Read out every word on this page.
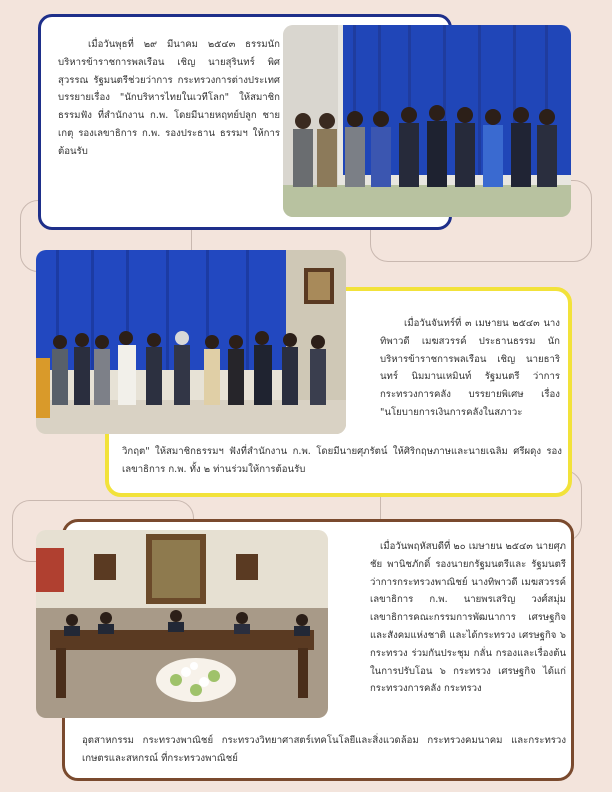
เมื่อวันพุธที่ ๒๙ มีนาคม ๒๕๔๓ ธรรมนักบริหารข้าราชการพลเรือน เชิญ นายสุรินทร์ พิศสุวรรณ รัฐมนตรีช่วยว่าการ กระทรวงการต่างประเทศ บรรยายเรื่อง "นักบริหารไทยในเวทีโลก" ให้สมาชิก ธรรมฟัง ที่สำนักงาน ก.พ. โดยมีนายหฤทย์ปลูก ชายเกตุ รองเลขาธิการ ก.พ. รองประธาน ธรรมฯ ให้การต้อนรับ
เมื่อวันจันทร์ที่ ๓ เมษายน ๒๕๔๓ นางทิพาวดี เมฆสวรรค์ ประธานธรรม นักบริหารข้าราชการพลเรือน เชิญ นายธารินทร์ นิมมานเหมินท์ รัฐมนตรี ว่าการกระทรวงการคลัง บรรยายพิเศษ เรื่อง "นโยบายการเงินการคลังในสภาวะ
วิกฤต" ให้สมาชิกธรรมฯ ฟังที่สำนักงาน ก.พ. โดยมีนายศุภรัตน์ ให้ศิริกฤษภาษและนายเฉลิม ศรีผดุง รองเลขาธิการ ก.พ. ทั้ง ๒ ท่านร่วมให้การต้อนรับ
เมื่อวันพฤหัสบดีที่ ๒๐ เมษายน ๒๕๔๓ นายศุภชัย พานิชภักดิ์ รองนายกรัฐมนตรีและ รัฐมนตรีว่าการกระทรวงพาณิชย์ นางทิพาวดี เมฆสวรรค์ เลขาธิการ ก.พ. นายพรเสริญ วงศ์สมุ่ม เลขาธิการคณะกรรมการพัฒนาการ เศรษฐกิจและสังคมแห่งชาติ และได้กระทรวง เศรษฐกิจ ๖ กระทรวง ร่วมกันประชุม กลั่น กรองและเรื่องต้นในการปรับโอน ๖ กระทรวง เศรษฐกิจ ได้แก่ กระทรวงการคลัง กระทรวง
อุตสาหกรรม กระทรวงพาณิชย์ กระทรวงวิทยาศาสตร์เทคโนโลยีและสิ่งแวดล้อม กระทรวงคมนาคม และกระทรวงเกษตรและสหกรณ์ ที่กระทรวงพาณิชย์
